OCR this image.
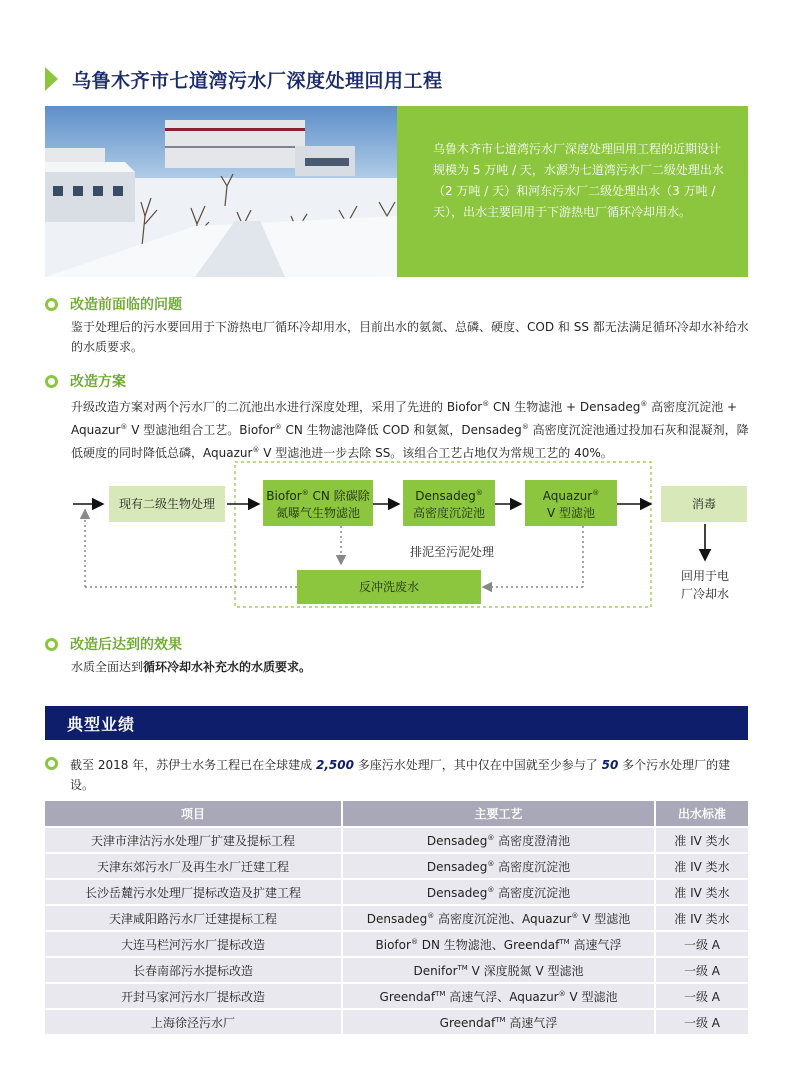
乌鲁木齐市七道湾污水厂深度处理回用工程
乌鲁木齐市七道湾污水厂深度处理回用工程的近期设计规模为 5 万吨 / 天，水源为七道湾污水厂二级处理出水（2 万吨 / 天）和河东污水厂二级处理出水（3 万吨 / 天），出水主要回用于下游热电厂循环冷却用水。
改造前面临的问题
鉴于处理后的污水要回用于下游热电厂循环冷却用水，目前出水的氨氮、总磷、硬度、COD 和 SS 都无法满足循环冷却水补给水的水质要求。
改造方案
升级改造方案对两个污水厂的二沉池出水进行深度处理，采用了先进的 Biofor® CN 生物滤池 + Densadeg® 高密度沉淀池 + Aquazur® V 型滤池组合工艺。Biofor® CN 生物滤池降低 COD 和氨氮，Densadeg® 高密度沉淀池通过投加石灰和混凝剂，降低硬度的同时降低总磷，Aquazur® V 型滤池进一步去除 SS。该组合工艺占地仅为常规工艺的 40%。
现有二级生物处理
Biofor® CN 除碳除
氮曝气生物滤池
Densadeg®
高密度沉淀池
Aquazur®
V 型滤池
消毒
排泥至污泥处理
反冲洗废水
回用于电
厂冷却水
改造后达到的效果
水质全面达到循环冷却水补充水的水质要求。
典型业绩
截至 2018 年，苏伊士水务工程已在全球建成 2,500 多座污水处理厂，其中仅在中国就至少参与了 50 多个污水处理厂的建设。
项目	主要工艺	出水标准
天津市津沽污水处理厂扩建及提标工程	Densadeg® 高密度澄清池	准 IV 类水
天津东郊污水厂及再生水厂迁建工程	Densadeg® 高密度沉淀池	准 IV 类水
长沙岳麓污水处理厂提标改造及扩建工程	Densadeg® 高密度沉淀池	准 IV 类水
天津咸阳路污水厂迁建提标工程	Densadeg® 高密度沉淀池、Aquazur® V 型滤池	准 IV 类水
大连马栏河污水厂提标改造	Biofor® DN 生物滤池、Greendaf™ 高速气浮	一级 A
长春南部污水提标改造	Denifor™ V 深度脱氮 V 型滤池	一级 A
开封马家河污水厂提标改造	Greendaf™ 高速气浮、Aquazur® V 型滤池	一级 A
上海徐泾污水厂	Greendaf™ 高速气浮	一级 A
